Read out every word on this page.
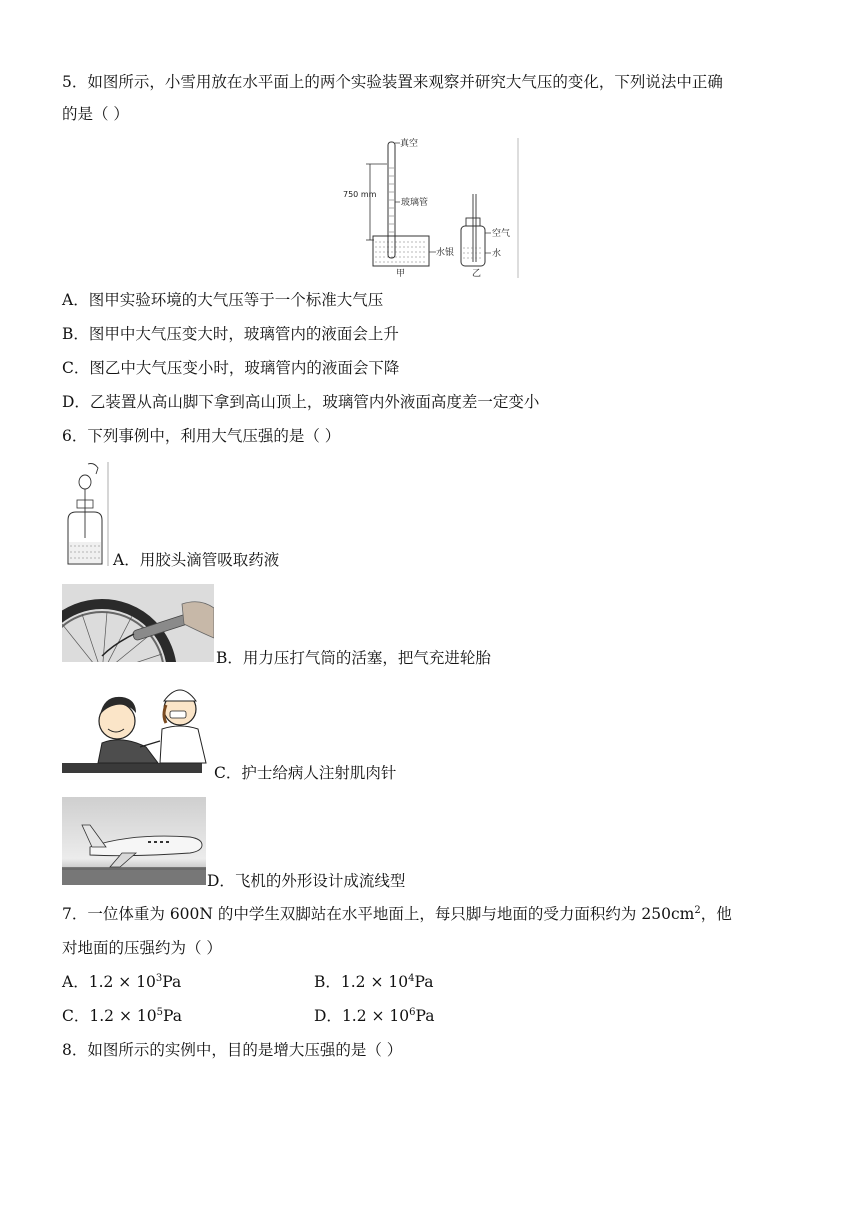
5．如图所示，小雪用放在水平面上的两个实验装置来观察并研究大气压的变化，下列说法中正确
的是（ ）
750 mm
真空
玻璃管
水银
甲
空气
水
乙
A．图甲实验环境的大气压等于一个标准大气压
B．图甲中大气压变大时，玻璃管内的液面会上升
C．图乙中大气压变小时，玻璃管内的液面会下降
D．乙装置从高山脚下拿到高山顶上，玻璃管内外液面高度差一定变小
6．下列事例中，利用大气压强的是（ ）
A．用胶头滴管吸取药液
B．用力压打气筒的活塞，把气充进轮胎
C．护士给病人注射肌肉针
D．飞机的外形设计成流线型
7．一位体重为 600N 的中学生双脚站在水平地面上，每只脚与地面的受力面积约为 $250cm^2$，他
对地面的压强约为（ ）
A．$1.2 \times 10^3Pa$	B．$1.2 \times 10^4Pa$
C．$1.2 \times 10^5Pa$	D．$1.2 \times 10^6Pa$
8．如图所示的实例中，目的是增大压强的是（ ）
